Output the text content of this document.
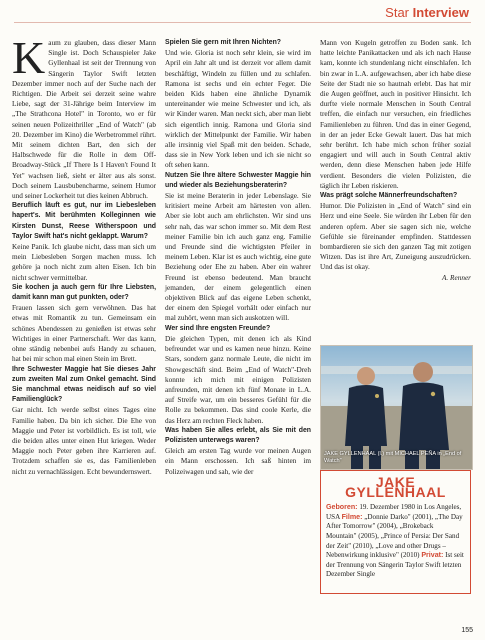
Star Interview

Kaum zu glauben, dass dieser Mann Single ist. Doch Schauspieler Jake Gyllenhaal ist seit der Trennung von Sängerin Taylor Swift letzten Dezember immer noch auf der Suche nach der Richtigen. Die Arbeit sei derzeit seine wahre Liebe, sagt der 31-Jährige beim Interview im „The Strathcona Hotel" in Toronto, wo er für seinen neuen Polizeithriller „End of Watch" (ab 20. Dezember im Kino) die Werbetrommel rührt. Mit seinem dichten Bart, den sich der Halbschwede für die Rolle in dem Off-Broadway-Stück „If There Is I Haven't Found It Yet" wachsen ließ, sieht er älter aus als sonst. Doch seinem Lausbubencharme, seinem Humor und seiner Lockerheit tut dies keinen Abbruch.

Beruflich läuft es gut, nur im Liebesleben hapert's. Mit berühmten Kolleginnen wie Kirsten Dunst, Reese Witherspoon und Taylor Swift hat's nicht geklappt. Warum?

Keine Panik. Ich glaube nicht, dass man sich um mein Liebesleben Sorgen machen muss. Ich gehöre ja noch nicht zum alten Eisen. Ich bin nicht schwer vermittelbar.

Sie kochen ja auch gern für Ihre Liebsten, damit kann man gut punkten, oder?

Frauen lassen sich gern verwöhnen. Das hat etwas mit Romantik zu tun. Gemeinsam ein schönes Abendessen zu genießen ist etwas sehr Wichtiges in einer Partnerschaft. Wer das kann, ohne ständig nebenbei aufs Handy zu schauen, hat bei mir schon mal einen Stein im Brett.

Ihre Schwester Maggie hat Sie dieses Jahr zum zweiten Mal zum Onkel gemacht. Sind Sie manchmal etwas neidisch auf so viel Familienglück?

Gar nicht. Ich werde selbst eines Tages eine Familie haben. Da bin ich sicher. Die Ehe von Maggie und Peter ist vorbildlich. Es ist toll, wie die beiden alles unter einen Hut kriegen. Weder Maggie noch Peter geben ihre Karrieren auf. Trotzdem schaffen sie es, das Familienleben nicht zu vernachlässigen. Echt bewundernswert.

Spielen Sie gern mit Ihren Nichten?

Und wie. Gloria ist noch sehr klein, sie wird im April ein Jahr alt und ist derzeit vor allem damit beschäftigt, Windeln zu füllen und zu schlafen. Ramona ist sechs und ein echter Feger. Die beiden Kids haben eine ähnliche Dynamik untereinander wie meine Schwester und ich, als wir Kinder waren. Man neckt sich, aber man liebt sich eigentlich innig. Ramona und Gloria sind wirklich der Mittelpunkt der Familie. Wir haben alle irrsinnig viel Spaß mit den beiden. Schade, dass sie in New York leben und ich sie nicht so oft sehen kann.

Nutzen Sie Ihre ältere Schwester Maggie hin und wieder als Beziehungsberaterin?

Sie ist meine Beraterin in jeder Lebenslage. Sie kritisiert meine Arbeit am härtesten von allen. Aber sie lobt auch am ehrlichsten. Wir sind uns sehr nah, das war schon immer so. Mit dem Rest meiner Familie bin ich auch ganz eng. Familie und Freunde sind die wichtigsten Pfeiler in meinem Leben. Klar ist es auch wichtig, eine gute Beziehung oder Ehe zu haben. Aber ein wahrer Freund ist ebenso bedeutend. Man braucht jemanden, der einem gelegentlich einen objektiven Blick auf das eigene Leben schenkt, der einem den Spiegel vorhält oder einfach nur mal zuhört, wenn man sich auskotzen will.

Wer sind Ihre engsten Freunde?

Die gleichen Typen, mit denen ich als Kind befreundet war und es kamen neue hinzu. Keine Stars, sondern ganz normale Leute, die nicht im Showgeschäft sind. Beim „End of Watch"-Dreh konnte ich mich mit einigen Polizisten anfreunden, mit denen ich fünf Monate in L.A. auf Streife war, um ein besseres Gefühl für die Rolle zu bekommen. Das sind coole Kerle, die das Herz am rechten Fleck haben.

Was haben Sie alles erlebt, als Sie mit den Polizisten unterwegs waren?

Gleich am ersten Tag wurde vor meinen Augen ein Mann erschossen. Ich saß hinten im Polizeiwagen und sah, wie der

Mann von Kugeln getroffen zu Boden sank. Ich hatte leichte Panikattacken und als ich nach Hause kam, konnte ich stundenlang nicht einschlafen. Ich bin zwar in L.A. aufgewachsen, aber ich habe diese Seite der Stadt nie so hautnah erlebt. Das hat mir die Augen geöffnet, auch in positiver Hinsicht. Ich durfte viele normale Menschen in South Central treffen, die einfach nur versuchen, ein friedliches Familienleben zu führen. Und das in einer Gegend, in der an jeder Ecke Gewalt lauert. Das hat mich sehr berührt. Ich habe mich schon früher sozial engagiert und will auch in South Central aktiv werden, denn diese Menschen haben jede Hilfe verdient. Besonders die vielen Polizisten, die täglich ihr Leben riskieren.

Was prägt solche Männerfreundschaften?

Humor. Die Polizisten in „End of Watch" sind ein Herz und eine Seele. Sie würden ihr Leben für den anderen opfern. Aber sie sagen sich nie, welche Gefühle sie füreinander empfinden. Stattdessen bombardieren sie sich den ganzen Tag mit zotigen Witzen. Das ist ihre Art, Zuneigung auszudrücken. Und das ist okay.
A. Renner

JAKE GYLLENHAAL (l.) mit MICHAEL PEÑA in „End of Watch"
JAKE GYLLENHAAL
Geboren: 19. Dezember 1980 in Los Angeles, USA Filme: „Donnie Darko" (2001), „The Day After Tomorrow" (2004), „Brokeback Mountain" (2005), „Prince of Persia: Der Sand der Zeit" (2010), „Love and other Drugs – Nebenwirkung inklusive" (2010) Privat: Ist seit der Trennung von Sängerin Taylor Swift letzten Dezember Single
155
